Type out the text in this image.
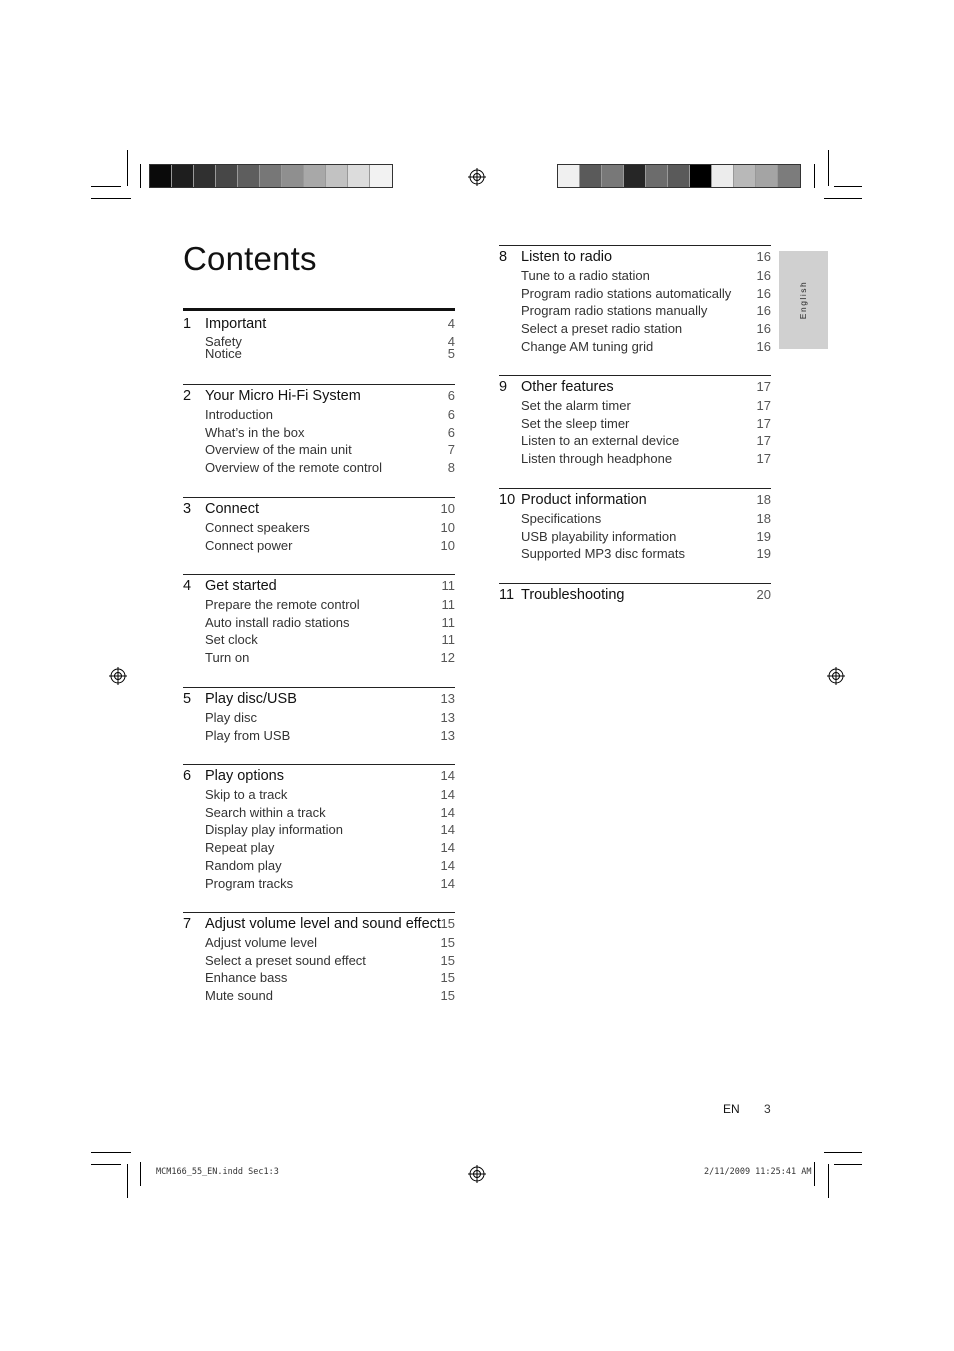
Contents
English
1 Important	4
Safety	4
Notice	5
2 Your Micro Hi-Fi System	6
Introduction	6
What’s in the box	6
Overview of the main unit	7
Overview of the remote control	8
3 Connect	10
Connect speakers	10
Connect power	10
4 Get started	11
Prepare the remote control	11
Auto install radio stations	11
Set clock	11
Turn on	12
5 Play disc/USB	13
Play disc	13
Play from USB	13
6 Play options	14
Skip to a track	14
Search within a track	14
Display play information	14
Repeat play	14
Random play	14
Program tracks	14
7 Adjust volume level and sound effect 15
Adjust volume level	15
Select a preset sound effect	15
Enhance bass	15
Mute sound	15
8 Listen to radio	16
Tune to a radio station	16
Program radio stations automatically 16
Program radio stations manually	16
Select a preset radio station	16
Change AM tuning grid	16
9 Other features	17
Set the alarm timer	17
Set the sleep timer	17
Listen to an external device	17
Listen through headphone	17
10 Product information	18
Specifications	18
USB playability information	19
Supported MP3 disc formats	19
11 Troubleshooting	20
EN 3
MCM166_55_EN.indd Sec1:3	2/11/2009 11:25:41 AM
